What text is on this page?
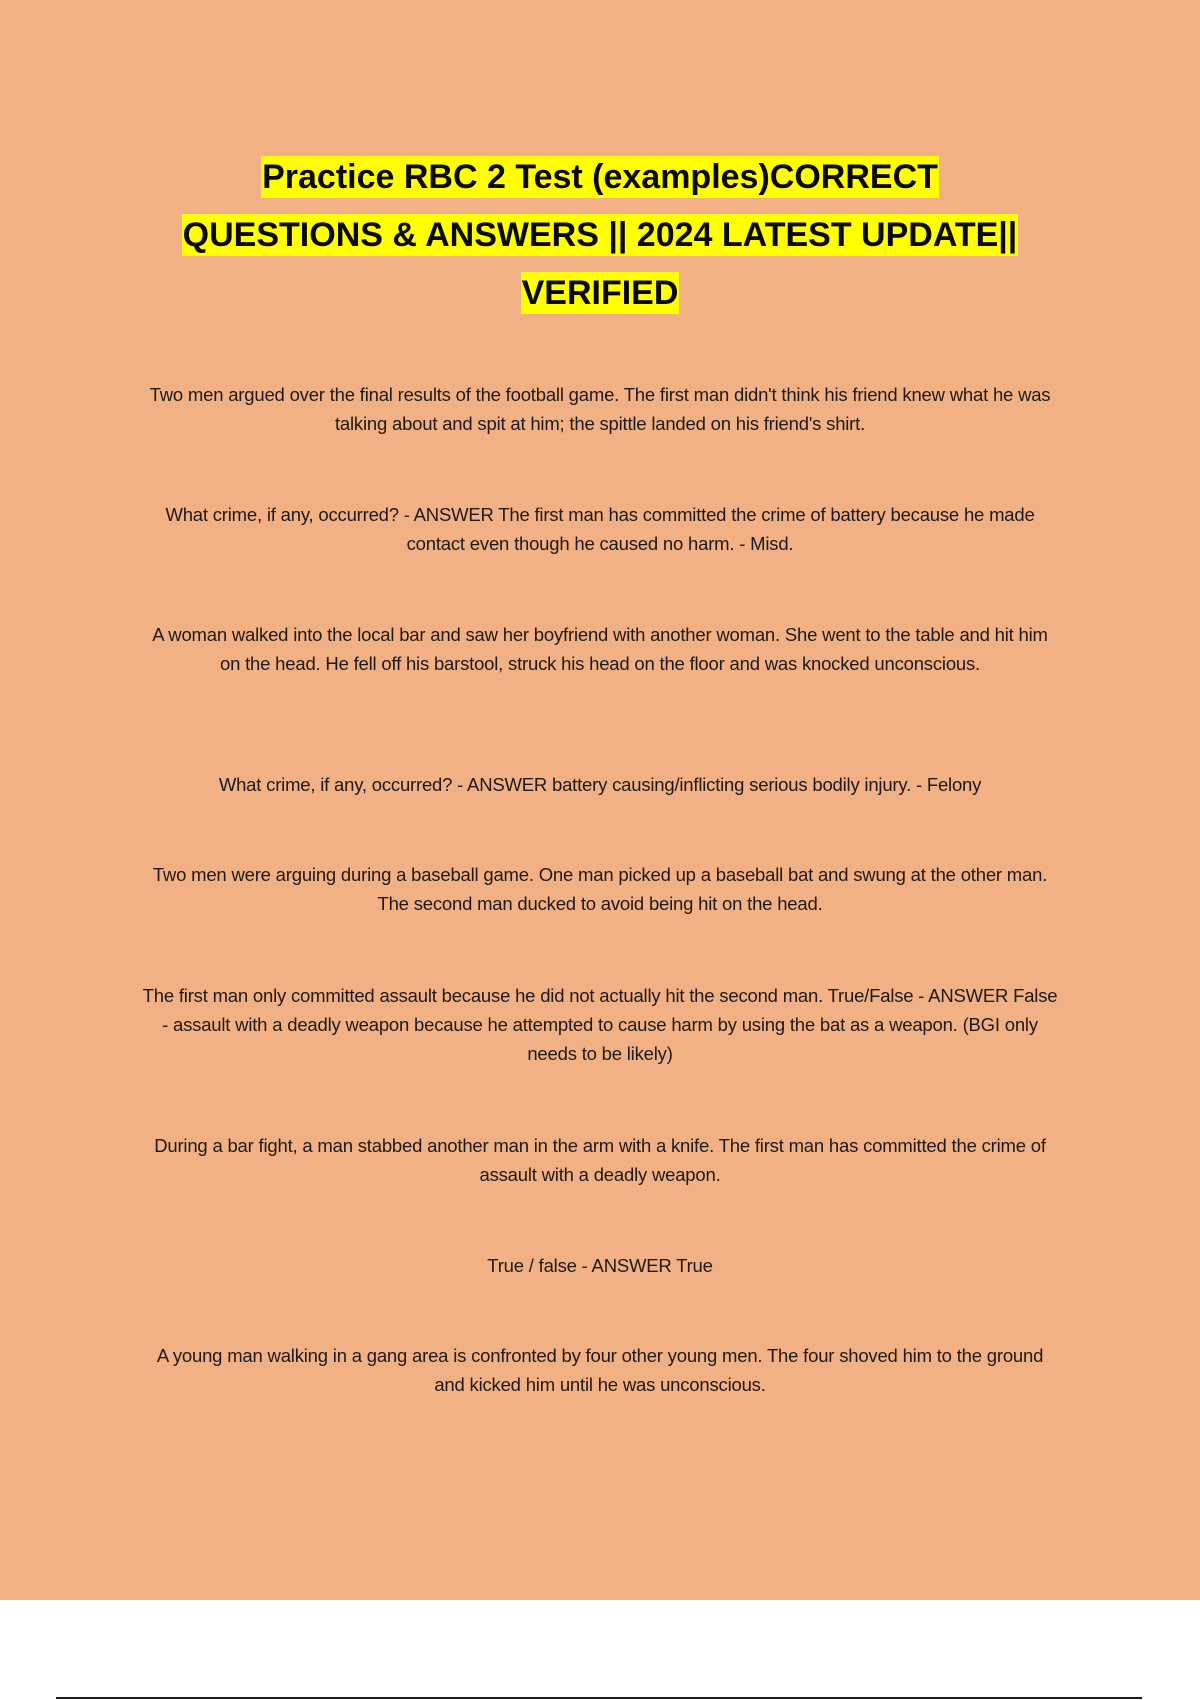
Practice RBC 2 Test (examples)CORRECT
QUESTIONS & ANSWERS || 2024 LATEST UPDATE||
VERIFIED

Two men argued over the final results of the football game. The first man didn't think his friend knew what he was talking about and spit at him; the spittle landed on his friend's shirt.

What crime, if any, occurred? - ANSWER The first man has committed the crime of battery because he made contact even though he caused no harm. - Misd.

A woman walked into the local bar and saw her boyfriend with another woman. She went to the table and hit him on the head. He fell off his barstool, struck his head on the floor and was knocked unconscious.

What crime, if any, occurred? - ANSWER battery causing/inflicting serious bodily injury. - Felony

Two men were arguing during a baseball game. One man picked up a baseball bat and swung at the other man. The second man ducked to avoid being hit on the head.

The first man only committed assault because he did not actually hit the second man. True/False - ANSWER False - assault with a deadly weapon because he attempted to cause harm by using the bat as a weapon. (BGI only needs to be likely)

During a bar fight, a man stabbed another man in the arm with a knife. The first man has committed the crime of assault with a deadly weapon.

True / false - ANSWER True

A young man walking in a gang area is confronted by four other young men. The four shoved him to the ground and kicked him until he was unconscious.
